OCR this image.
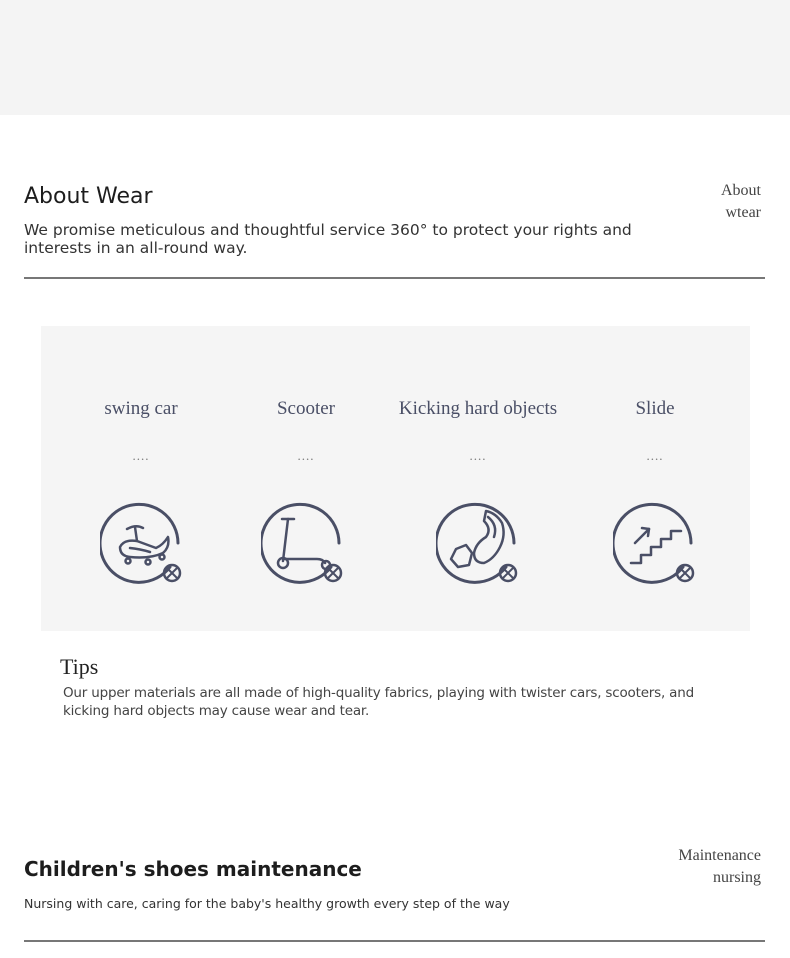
About Wear

We promise meticulous and thoughtful service 360° to protect your rights and interests in an all-round way.

About
wtear
swing car
....
Scooter
....
Kicking hard objects
....
Slide
....
Tips

Our upper materials are all made of high-quality fabrics, playing with twister cars, scooters, and kicking hard objects may cause wear and tear.

Children's shoes maintenance

Nursing with care, caring for the baby's healthy growth every step of the way

Maintenance
nursing
